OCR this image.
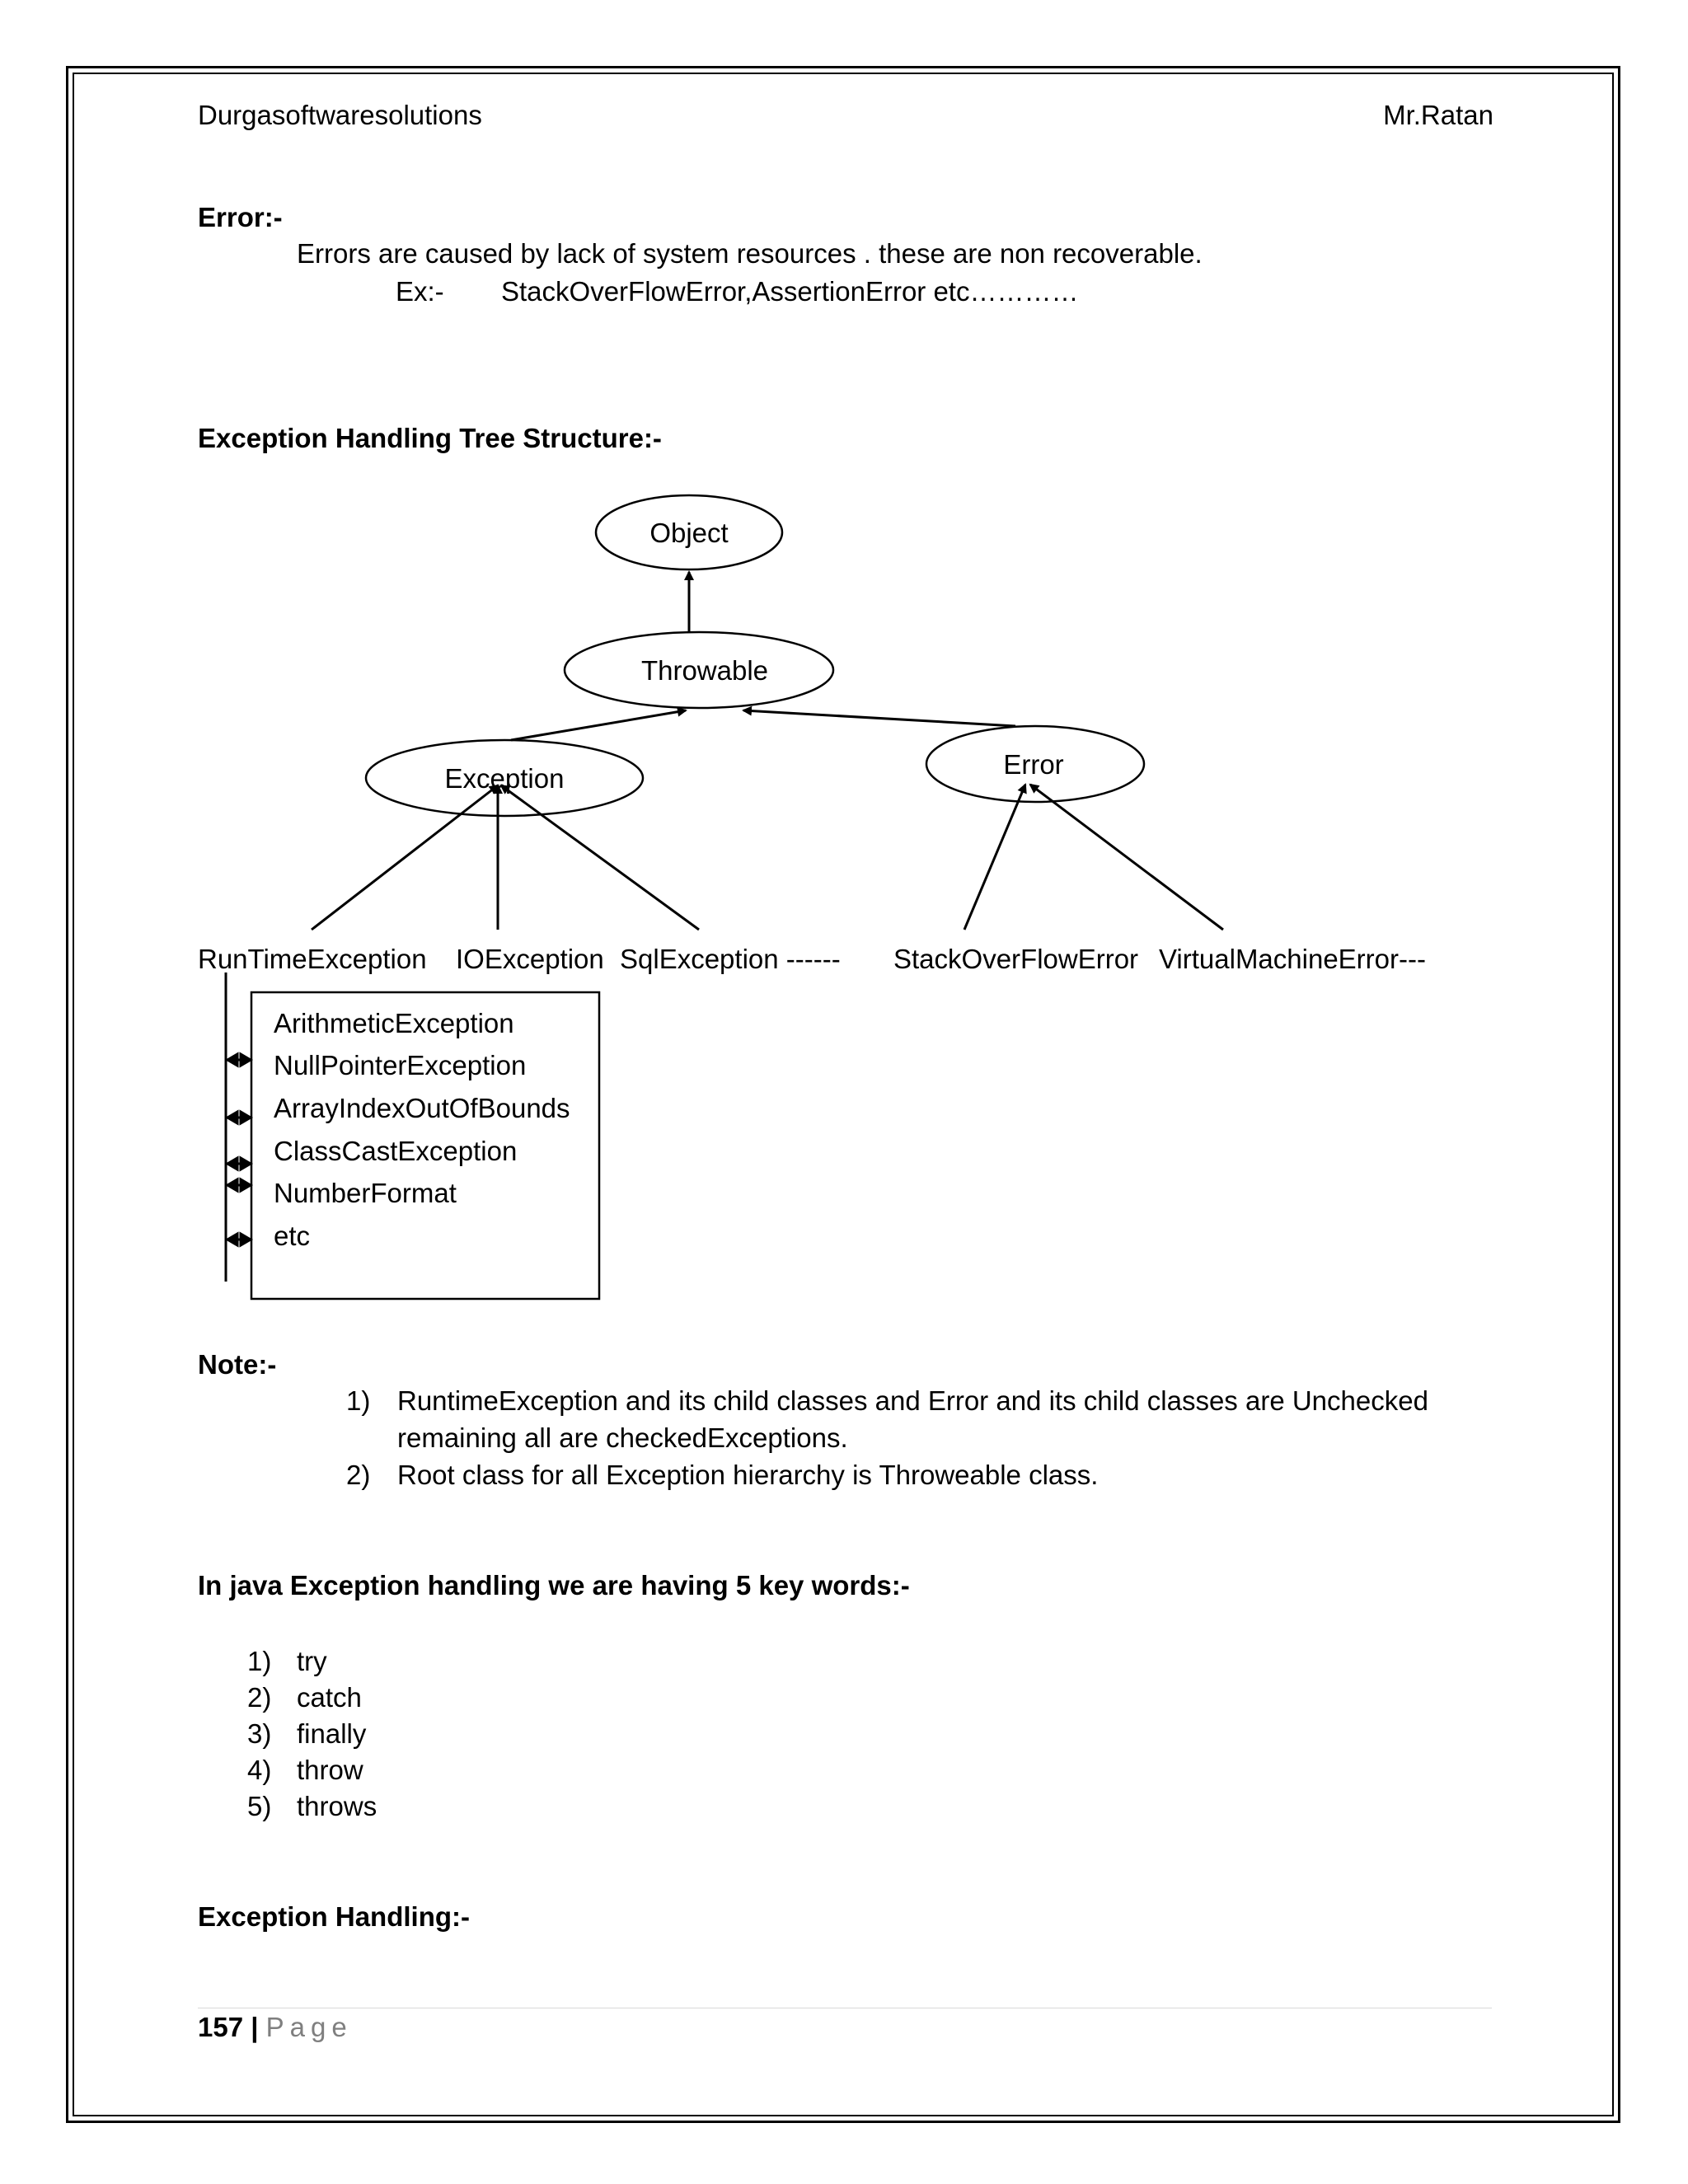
Durgasoftwaresolutions	Mr.Ratan
Error:-
Errors are caused by lack of system resources . these are non recoverable.
Ex:- StackOverFlowError,AssertionError etc…………
Exception Handling Tree Structure:-
Object
Throwable
Exception	Error
RunTimeException IOException SqlException ------ StackOverFlowError VirtualMachineError---
ArithmeticException
NullPointerException
ArrayIndexOutOfBounds
ClassCastException
NumberFormat
etc
Note:-
1) RuntimeException and its child classes and Error and its child classes are Unchecked
remaining all are checkedExceptions.
2) Root class for all Exception hierarchy is Throweable class.
In java Exception handling we are having 5 key words:-
1) try
2) catch
3) finally
4) throw
5) throws
Exception Handling:-
157 | Page
